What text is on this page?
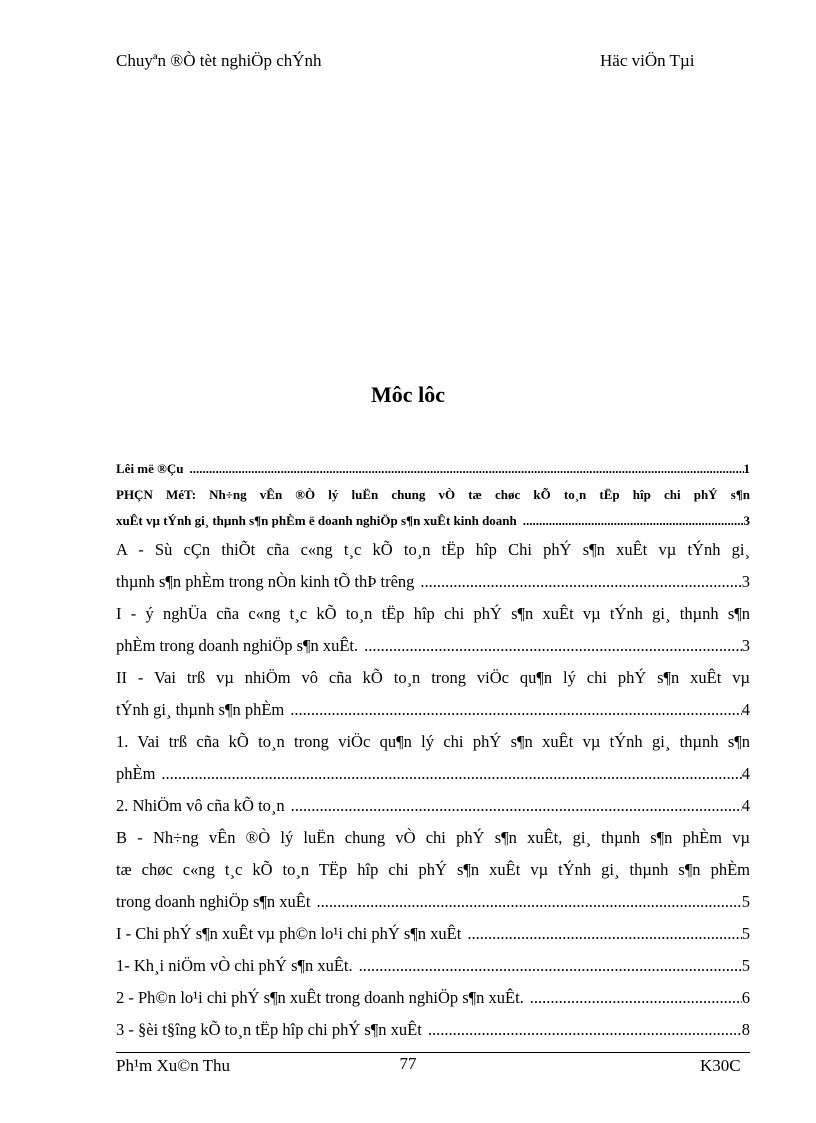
Chuyªn ®Ò tèt nghiÖp chÝnh	Häc viÖn Tµi
Môc lôc
Lêi më ®Çu .....	1
PHÇN MéT: Nh÷ng vÊn ®Ò lý luËn chung vÒ tæ chøc kÕ to¸n tËp hîp chi phÝ s¶n
xuÊt vµ tÝnh gi¸ thµnh s¶n phÈm ë doanh nghiÖp s¶n xuÊt kinh doanh .....	3
A - Sù cÇn thiÕt cña c«ng t¸c kÕ to¸n tËp hîp Chi phÝ s¶n xuÊt vµ tÝnh gi¸
thµnh s¶n phÈm trong nÒn kinh tÕ thÞ trêng .....	3
I - ý nghÜa cña c«ng t¸c kÕ to¸n tËp hîp chi phÝ s¶n xuÊt vµ tÝnh gi¸ thµnh s¶n
phÈm trong doanh nghiÖp s¶n xuÊt. .....	3
II - Vai trß vµ nhiÖm vô cña kÕ to¸n trong viÖc qu¶n lý chi phÝ s¶n xuÊt vµ
tÝnh gi¸ thµnh s¶n phÈm .....	4
1. Vai trß cña kÕ to¸n trong viÖc qu¶n lý chi phÝ s¶n xuÊt vµ tÝnh gi¸ thµnh s¶n
phÈm .....	4
2. NhiÖm vô cña kÕ to¸n .....	4
B - Nh÷ng vÊn ®Ò lý luËn chung vÒ chi phÝ s¶n xuÊt, gi¸ thµnh s¶n phÈm vµ
tæ chøc c«ng t¸c kÕ to¸n TËp hîp chi phÝ s¶n xuÊt vµ tÝnh gi¸ thµnh s¶n phÈm
trong doanh nghiÖp s¶n xuÊt .....	5
I - Chi phÝ s¶n xuÊt vµ ph©n lo¹i chi phÝ s¶n xuÊt .....	5
1- Kh¸i niÖm vÒ chi phÝ s¶n xuÊt. .....	5
2 - Ph©n lo¹i chi phÝ s¶n xuÊt trong doanh nghiÖp s¶n xuÊt. .....	6
3 - §èi t§îng kÕ to¸n tËp hîp chi phÝ s¶n xuÊt .....	8
Ph¹m Xu©n Thu	77	K30C
